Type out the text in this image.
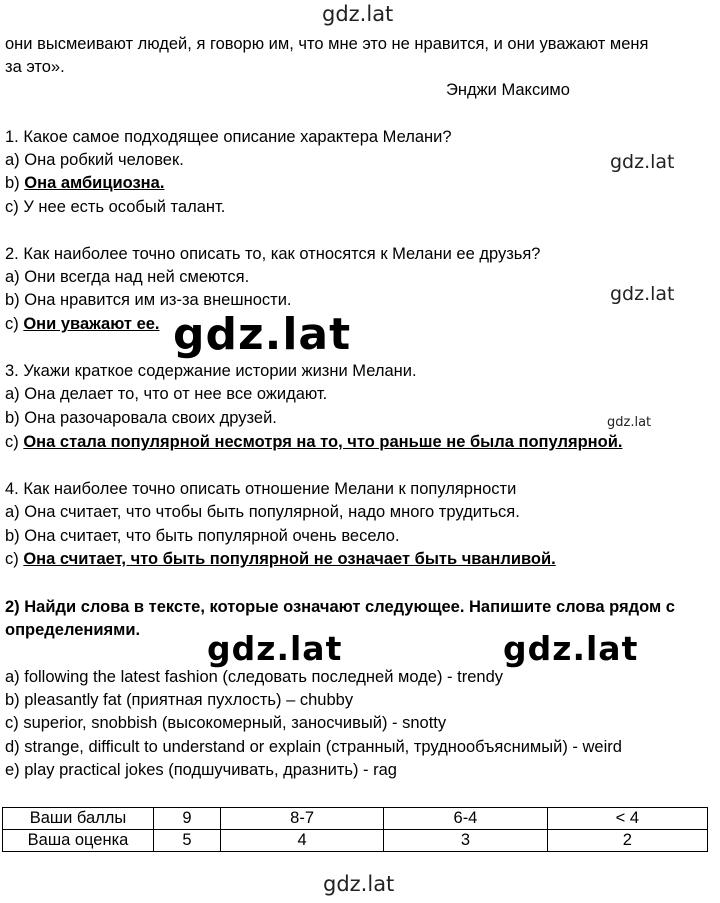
gdz.lat
они высмеивают людей, я говорю им, что мне это не нравится, и они уважают меня
за это».
Энджи Максимо
1. Какое самое подходящее описание характера Мелани?
a) Она робкий человек.
b) Она амбициозна.
c) У нее есть особый талант.
gdz.lat
2. Как наиболее точно описать то, как относятся к Мелани ее друзья?
a) Они всегда над ней смеются.
b) Она нравится им из-за внешности.
c) Они уважают ее.
gdz.lat
gdz.lat
3. Укажи краткое содержание истории жизни Мелани.
a) Она делает то, что от нее все ожидают.
b) Она разочаровала своих друзей.
c) Она стала популярной несмотря на то, что раньше не была популярной.
gdz.lat
4. Как наиболее точно описать отношение Мелани к популярности
a) Она считает, что чтобы быть популярной, надо много трудиться.
b) Она считает, что быть популярной очень весело.
c) Она считает, что быть популярной не означает быть чванливой.
2) Найди слова в тексте, которые означают следующее. Напишите слова рядом с
определениями. gdz.lat	gdz.lat
a) following the latest fashion (следовать последней моде) - trendy
b) pleasantly fat (приятная пухлость) – chubby
c) superior, snobbish (высокомерный, заносчивый) - snotty
d) strange, difficult to understand or explain (странный, труднообъяснимый) - weird
e) play practical jokes (подшучивать, дразнить) - rag
Ваши баллы	9	8-7	6-4	< 4
Ваша оценка	5	4	3	2
gdz.lat
